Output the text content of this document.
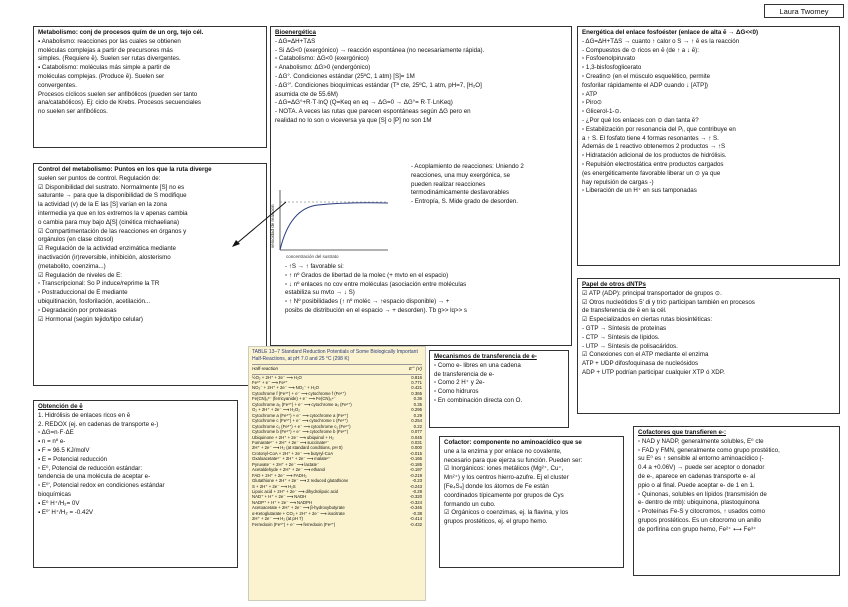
Laura Twomey
Metabolismo: conj de procesos quím de un org, tejo cél.
▪ Anabolismo: reacciones por las cuales se obtienen
moléculas complejas a partir de precursores más
simples. (Requiere ē). Suelen ser rutas divergentes.
▪ Catabolismo: moléculas más simple a partir de
moléculas complejas. (Produce ē). Suelen ser
convergentes.
Procesos cíclicos suelen ser anfibólicos (pueden ser tanto
ana/catabólicos). Ej: ciclo de Krebs. Procesos secuenciales
no suelen ser anfibólicos.
Control del metabolismo: Puntos en los que la ruta diverge
suelen ser puntos de control. Regulación de:
☑ Disponibilidad del sustrato. Normalmente [S] no es
saturante → para que la disponibilidad de S modifique
la actividad (v) de la E las [S] varían en la zona
intermedia ya que en los extremos la v apenas cambia
o cambia para muy bajo Δ[S] (cinética michaeliana)
☑ Compartimentación de las reacciones en órganos y
orgánulos (en clase citosol)
☑ Regulación de la actividad enzimática mediante
inactivación (ir)reversible, inhibición, alosterismo
(metabolito, coenzima...)
☑ Regulación de niveles de E:
▫ Transcripcional: So P induce/reprime la TR
▫ Postraduccional de E mediante
ubiquitinación, fosforilación, acetilación...
▫ Degradación por proteasas
☑ Hormonal (según tejido/tipo celular)
Obtención de ē
1. Hidrólisis de enlaces ricos en ē
2. REDOX (ej. en cadenas de transporte e-)
▫ ΔG=n·F·ΔE
▪ n = nº e-
▪ F = 96.5 KJ/molV
▪ E = Potencial reducción
▫ E⁰, Potencial de reducción estándar:
tendencia de una molécula de aceptar e-
▫ E⁰', Potencial redox en condiciones estándar
bioquímicas
▪ E⁰ H⁺/H₂= 0V
▪ E⁰' H⁺/H₂ = -0.42V
Bioenergética
- ΔG=ΔH+TΔS
- Si ΔG<0 (exergónico) → reacción espontánea (no necesariamente rápida).
▫ Catabolismo: ΔG<0 (exergónico)
▫ Anabolismo: ΔG>0 (endergónico)
- ΔG°. Condiciones estándar (25ºC, 1 atm) [S]= 1M
- ΔG°'. Condiciones bioquímicas estándar (Tª cte, 25ºC, 1 atm, pH=7, [H₂O]
asumida cte de 55.6M)
- ΔG=ΔG°+R·T·lnQ (Q=Keq en eq → ΔG=0 → ΔG°= R·T·LnKeq)
- NOTA. A veces las rutas que parecen espontáneas según ΔG pero en
realidad no lo son o viceversa ya que [S] o [P] no son 1M
- Acoplamiento de reacciones: Uniendo 2
reacciones, una muy exergónica, se
pueden realizar reacciones
termodinámicamente desfavorables
- Entropía, S. Mide grado de desorden.
- ↑S → ↑ favorable si:
▫ ↑ nº Grados de libertad de la molec (+ mvto en el espacio)
▫ ↓ nº enlaces no cov entre moléculas (asociación entre moléculas
estabiliza su mvto → ↓ S)
▫ ↑ Nº posibilidades (↑ nº moléc → ↑espacio disponible) → +
posibs de distribución en el espacio → + desorden). Tb g>> lq>> s
velocidad de reacción
concentración del sustrato
TABLE 13–7 Standard Reduction Potentials of Some Biologically Important Half-Reactions, at pH 7.0 and 25 °C (298 K)
Half-reaction	E′° (V)
½O₂ + 2H⁺ + 2e⁻ ⟶ H₂O	0.816
Fe³⁺ + e⁻ ⟶ Fe²⁺	0.771
NO₃⁻ + 2H⁺ + 2e⁻ ⟶ NO₂⁻ + H₂O	0.421
Cytochrome f (Fe³⁺) + e⁻ ⟶ cytochrome f (Fe²⁺)	0.365
Fe(CN)₆³⁻ (ferricyanide) + e⁻ ⟶ Fe(CN)₆⁴⁻	0.36
Cytochrome a₃ (Fe³⁺) + e⁻ ⟶ cytochrome a₃ (Fe²⁺)	0.35
O₂ + 2H⁺ + 2e⁻ ⟶ H₂O₂	0.295
Cytochrome a (Fe³⁺) + e⁻ ⟶ cytochrome a (Fe²⁺)	0.29
Cytochrome c (Fe³⁺) + e⁻ ⟶ cytochrome c (Fe²⁺)	0.254
Cytochrome c₁ (Fe³⁺) + e⁻ ⟶ cytochrome c₁ (Fe²⁺)	0.22
Cytochrome b (Fe³⁺) + e⁻ ⟶ cytochrome b (Fe²⁺)	0.077
Ubiquinone + 2H⁺ + 2e⁻ ⟶ ubiquinol + H₂	0.045
Fumarate²⁻ + 2H⁺ + 2e⁻ ⟶ succinate²⁻	0.031
2H⁺ + 2e⁻ ⟶ H₂ (at standard conditions, pH 0)	0.000
Crotonyl-CoA + 2H⁺ + 2e⁻ ⟶ butyryl-CoA	-0.015
Oxaloacetate²⁻ + 2H⁺ + 2e⁻ ⟶ malate²⁻	-0.166
Pyruvate⁻ + 2H⁺ + 2e⁻ ⟶ lactate⁻	-0.185
Acetaldehyde + 2H⁺ + 2e⁻ ⟶ ethanol	-0.197
FAD + 2H⁺ + 2e⁻ ⟶ FADH₂	-0.219
Glutathione + 2H⁺ + 2e⁻ ⟶ 2 reduced glutathione	-0.23
S + 2H⁺ + 2e⁻ ⟶ H₂S	-0.243
Lipoic acid + 2H⁺ + 2e⁻ ⟶ dihydrolipoic acid	-0.29
NAD⁺ + H⁺ + 2e⁻ ⟶ NADH	-0.320
NADP⁺ + H⁺ + 2e⁻ ⟶ NADPH	-0.324
Acetoacetate + 2H⁺ + 2e⁻ ⟶ β-hydroxybutyrate	-0.346
α-Ketoglutarate + CO₂ + 2H⁺ + 2e⁻ ⟶ isocitrate	-0.38
2H⁺ + 2e⁻ ⟶ H₂ (at pH 7)	-0.414
Ferredoxin (Fe³⁺) + e⁻ ⟶ ferredoxin (Fe²⁺)	-0.432
Mecanismos de transferencia de e-
▫ Como e- libres en una cadena
de transferencia de e-
▫ Como 2 H⁺ y 2e-
▫ Como hidruros
▫ En combinación directa con O.
Cofactor: componente no aminoacídico que se
une a la enzima y por enlace no covalente,
necesario para que ejerza su función. Pueden ser:
☑ Inorgánicos: iones metálicos (Mg²⁺, Cu⁺,
Mn²⁺) y los centros hierro-azufre. Ej el cluster
[Fe₄S₄] donde los átomos de Fe están
coordinados típicamente por grupos de Cys
formando un cubo.
☑ Orgánicos o coenzimas, ej. la flavina, y los
grupos prostéticos, ej. el grupo hemo.
Energética del enlace fosfoéster (enlace de alta ē → ΔG<<0)
- ΔG=ΔH+TΔS → cuanto ↑ calor o S → ↑ ē es la reacción
- Compuestos de ⊙ ricos en ē (de ↑ a ↓ ē):
▫ Fosfoenolpiruvato
▫ 1,3-bisfosfoglicerato
▫ Creatin⊙ (en el músculo esquelético, permite
fosforilar rápidamente el ADP cuando ↓ [ATP])
▫ ATP
▫ Piro⊙
▫ Glicerol-1-⊙.
- ¿Por qué los enlaces con ⊙ dan tanta ē?
▫ Estabilización por resonancia del Pᵢ, que contribuye en
a ↑ S. El fosfato tiene 4 formas resonantes → ↑ S.
Además de 1 reactivo obtenemos 2 productos → ↑S
▫ Hidratación adicional de los productos de hidrólisis.
▫ Repulsión electrostática entre productos cargados
(es energéticamente favorable liberar un ⊙ ya que
hay repulsión de cargas -)
▫ Liberación de un H⁺ en sus tamponadas
Papel de otros dNTPs
☑ ATP (ADP): principal transportador de grupos ⊙.
☑ Otros nucleótidos 5' di y tri⊙ participan también en procesos
de transferencia de ē en la cél.
☑ Especializados en ciertas rutas biosintéticas:
- GTP → Síntesis de proteínas
- CTP → Síntesis de lípidos.
- UTP → Síntesis de polisacáridos.
☑ Conexiones con el ATP mediante el enzima
ATP + UDP difosfoquinasa de nucleósidos
ADP + UTP podrían participar cualquier XTP ó XDP.
Cofactores que transfieren e-:
▫ NAD y NADP, generalmente solubles, E⁰ cte
▫ FAD y FMN, generalmente como grupo prostético,
su E⁰ es ↑ sensible al entorno aminoacídico (-
0.4 a +0.06V) → puede ser aceptor o donador
de e-, aparece en cadenas transporte e- al
ppio o al final. Puede aceptar e- de 1 en 1.
▫ Quinonas, solubles en lípidos (transmisión de
e- dentro de mb): ubiquinona, plastoquinona
▫ Proteínas Fe-S y citocromos, ↑ usados como
grupos prostéticos. Es un citocromo un anillo
de porfirina con grupo hemo, Fe²⁺ ⟷ Fe³⁺
